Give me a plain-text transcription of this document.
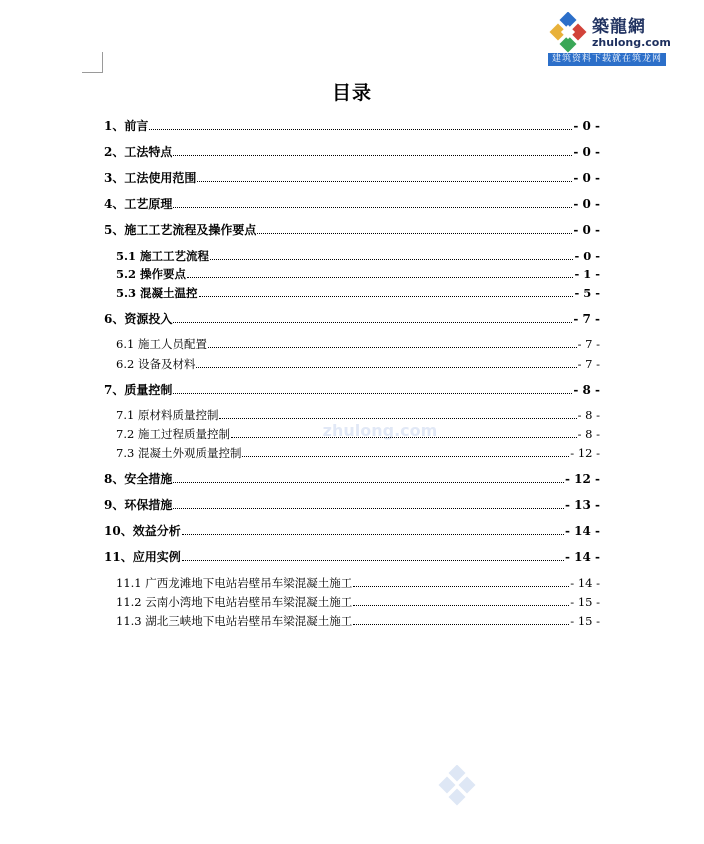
築龍網
zhulong.com
建筑资料下载就在筑龙网
zhulong.com
目录
1、前言	- 0 -
2、工法特点	- 0 -
3、工法使用范围	- 0 -
4、工艺原理	- 0 -
5、施工工艺流程及操作要点	- 0 -
5.1 施工工艺流程	- 0 -
5.2 操作要点	- 1 -
5.3 混凝土温控	- 5 -
6、资源投入	- 7 -
6.1 施工人员配置	- 7 -
6.2 设备及材料	- 7 -
7、质量控制	- 8 -
7.1 原材料质量控制	- 8 -
7.2 施工过程质量控制	- 8 -
7.3 混凝土外观质量控制	- 12 -
8、安全措施	- 12 -
9、环保措施	- 13 -
10、效益分析	- 14 -
11、应用实例	- 14 -
11.1 广西龙滩地下电站岩壁吊车梁混凝土施工	- 14 -
11.2 云南小湾地下电站岩壁吊车梁混凝土施工	- 15 -
11.3 湖北三峡地下电站岩壁吊车梁混凝土施工	- 15 -
